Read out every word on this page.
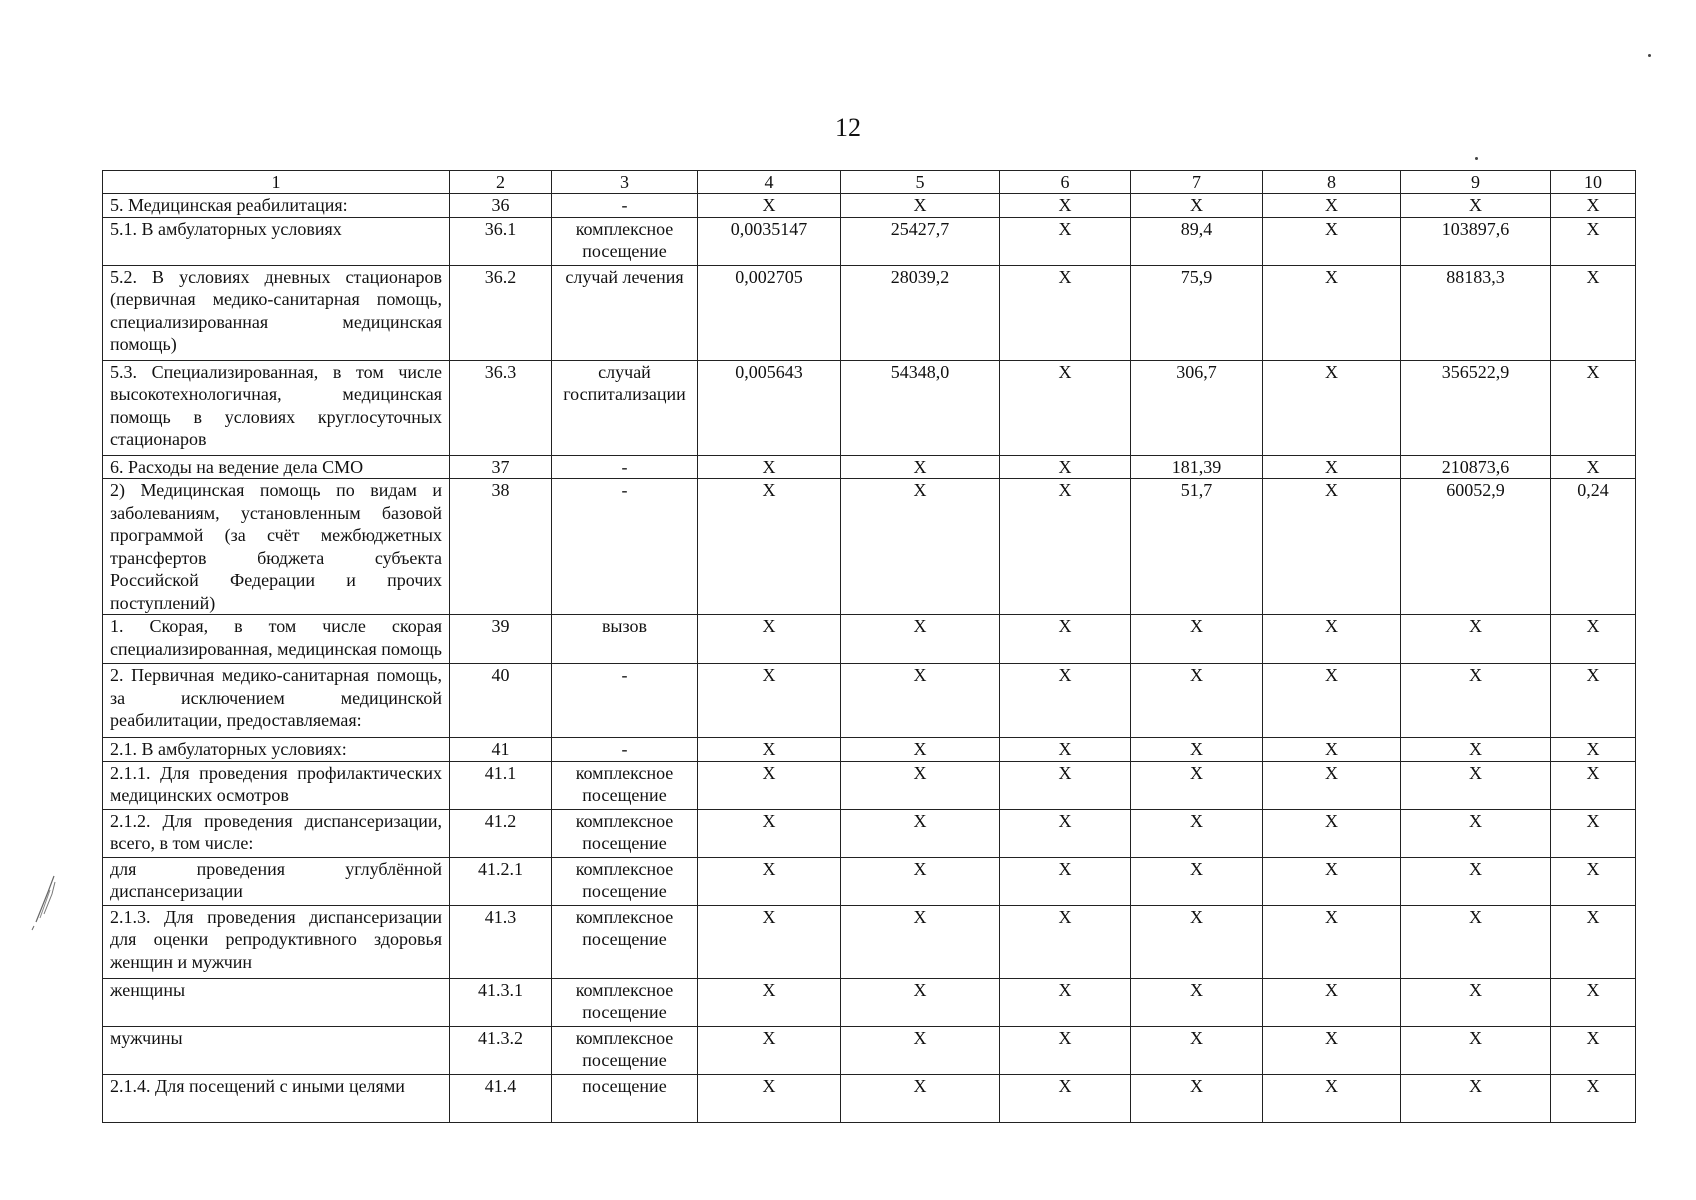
12
1	2	3	4	5	6	7	8	9	10
5. Медицинская реабилитация:	36	-	Х	Х	Х	Х	Х	Х	Х
5.1. В амбулаторных условиях	36.1	комплексное посещение	0,0035147	25427,7	Х	89,4	Х	103897,6	Х
5.2. В условиях дневных стационаров (первичная медико-санитарная помощь, специализированная медицинская помощь)	36.2	случай лечения	0,002705	28039,2	Х	75,9	Х	88183,3	Х
5.3. Специализированная, в том числе высокотехнологичная, медицинская помощь в условиях круглосуточных стационаров	36.3	случай госпитализации	0,005643	54348,0	Х	306,7	Х	356522,9	Х
6. Расходы на ведение дела СМО	37	-	Х	Х	Х	181,39	Х	210873,6	Х
2) Медицинская помощь по видам и заболеваниям, установленным базовой программой (за счёт межбюджетных трансфертов бюджета субъекта Российской Федерации и прочих поступлений)	38	-	Х	Х	Х	51,7	Х	60052,9	0,24
1. Скорая, в том числе скорая специализированная, медицинская помощь	39	вызов	Х	Х	Х	Х	Х	Х	Х
2. Первичная медико-санитарная помощь, за исключением медицинской реабилитации, предоставляемая:	40	-	Х	Х	Х	Х	Х	Х	Х
2.1. В амбулаторных условиях:	41	-	Х	Х	Х	Х	Х	Х	Х
2.1.1. Для проведения профилактических медицинских осмотров	41.1	комплексное посещение	Х	Х	Х	Х	Х	Х	Х
2.1.2. Для проведения диспансеризации, всего, в том числе:	41.2	комплексное посещение	Х	Х	Х	Х	Х	Х	Х
для проведения углублённой диспансеризации	41.2.1	комплексное посещение	Х	Х	Х	Х	Х	Х	Х
2.1.3. Для проведения диспансеризации для оценки репродуктивного здоровья женщин и мужчин	41.3	комплексное посещение	Х	Х	Х	Х	Х	Х	Х
женщины	41.3.1	комплексное посещение	Х	Х	Х	Х	Х	Х	Х
мужчины	41.3.2	комплексное посещение	Х	Х	Х	Х	Х	Х	Х
2.1.4. Для посещений с иными целями	41.4	посещение	Х	Х	Х	Х	Х	Х	Х
